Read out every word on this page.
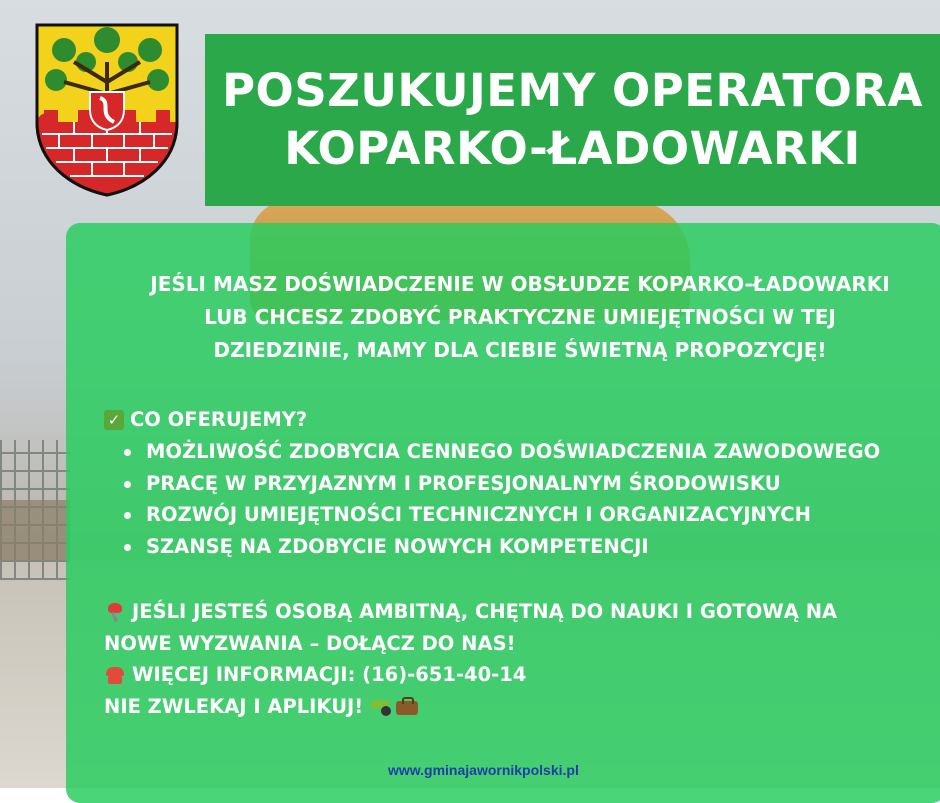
POSZUKUJEMY OPERATORA
KOPARKO-ŁADOWARKI
JEŚLI MASZ DOŚWIADCZENIE W OBSŁUDZE KOPARKO-ŁADOWARKI
LUB CHCESZ ZDOBYĆ PRAKTYCZNE UMIEJĘTNOŚCI W TEJ
DZIEDZINIE, MAMY DLA CIEBIE ŚWIETNĄ PROPOZYCJĘ!
✓ CO OFERUJEMY?
MOŻLIWOŚĆ ZDOBYCIA CENNEGO DOŚWIADCZENIA ZAWODOWEGO
PRACĘ W PRZYJAZNYM I PROFESJONALNYM ŚRODOWISKU
ROZWÓJ UMIEJĘTNOŚCI TECHNICZNYCH I ORGANIZACYJNYCH
SZANSĘ NA ZDOBYCIE NOWYCH KOMPETENCJI
JEŚLI JESTEŚ OSOBĄ AMBITNĄ, CHĘTNĄ DO NAUKI I GOTOWĄ NA
NOWE WYZWANIA – DOŁĄCZ DO NAS!
WIĘCEJ INFORMACJI: (16)-651-40-14
NIE ZWLEKAJ I APLIKUJ!
www.gminajawornikpolski.pl
